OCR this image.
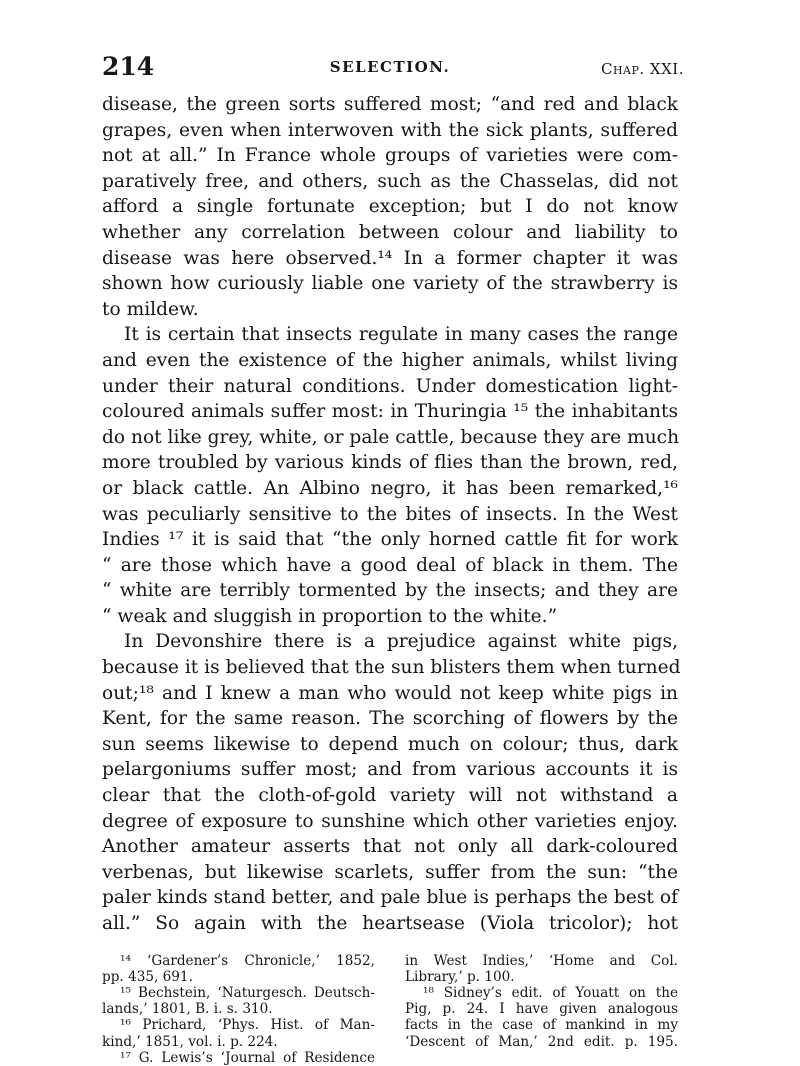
214	SELECTION.	Chap. XXI.
disease, the green sorts suffered most; “and red and black
grapes, even when interwoven with the sick plants, suffered
not at all.” In France whole groups of varieties were com-
paratively free, and others, such as the Chasselas, did not
afford a single fortunate exception; but I do not know
whether any correlation between colour and liability to
disease was here observed.¹⁴ In a former chapter it was
shown how curiously liable one variety of the strawberry is
to mildew.
It is certain that insects regulate in many cases the range
and even the existence of the higher animals, whilst living
under their natural conditions. Under domestication light-
coloured animals suffer most: in Thuringia ¹⁵ the inhabitants
do not like grey, white, or pale cattle, because they are much
more troubled by various kinds of flies than the brown, red,
or black cattle. An Albino negro, it has been remarked,¹⁶
was peculiarly sensitive to the bites of insects. In the West
Indies ¹⁷ it is said that “the only horned cattle fit for work
“ are those which have a good deal of black in them. The
“ white are terribly tormented by the insects; and they are
“ weak and sluggish in proportion to the white.”
In Devonshire there is a prejudice against white pigs,
because it is believed that the sun blisters them when turned
out;¹⁸ and I knew a man who would not keep white pigs in
Kent, for the same reason. The scorching of flowers by the
sun seems likewise to depend much on colour; thus, dark
pelargoniums suffer most; and from various accounts it is
clear that the cloth-of-gold variety will not withstand a
degree of exposure to sunshine which other varieties enjoy.
Another amateur asserts that not only all dark-coloured
verbenas, but likewise scarlets, suffer from the sun: “the
paler kinds stand better, and pale blue is perhaps the best of
all.” So again with the heartsease (Viola tricolor); hot
¹⁴ ‘Gardener’s Chronicle,’ 1852,
pp. 435, 691.
¹⁵ Bechstein, ‘Naturgesch. Deutsch-
lands,’ 1801, B. i. s. 310.
¹⁶ Prichard, ‘Phys. Hist. of Man-
kind,’ 1851, vol. i. p. 224.
¹⁷ G. Lewis’s ‘Journal of Residence
in West Indies,’ ‘Home and Col.
Library,’ p. 100.
¹⁸ Sidney’s edit. of Youatt on the
Pig, p. 24. I have given analogous
facts in the case of mankind in my
‘Descent of Man,’ 2nd edit. p. 195.
